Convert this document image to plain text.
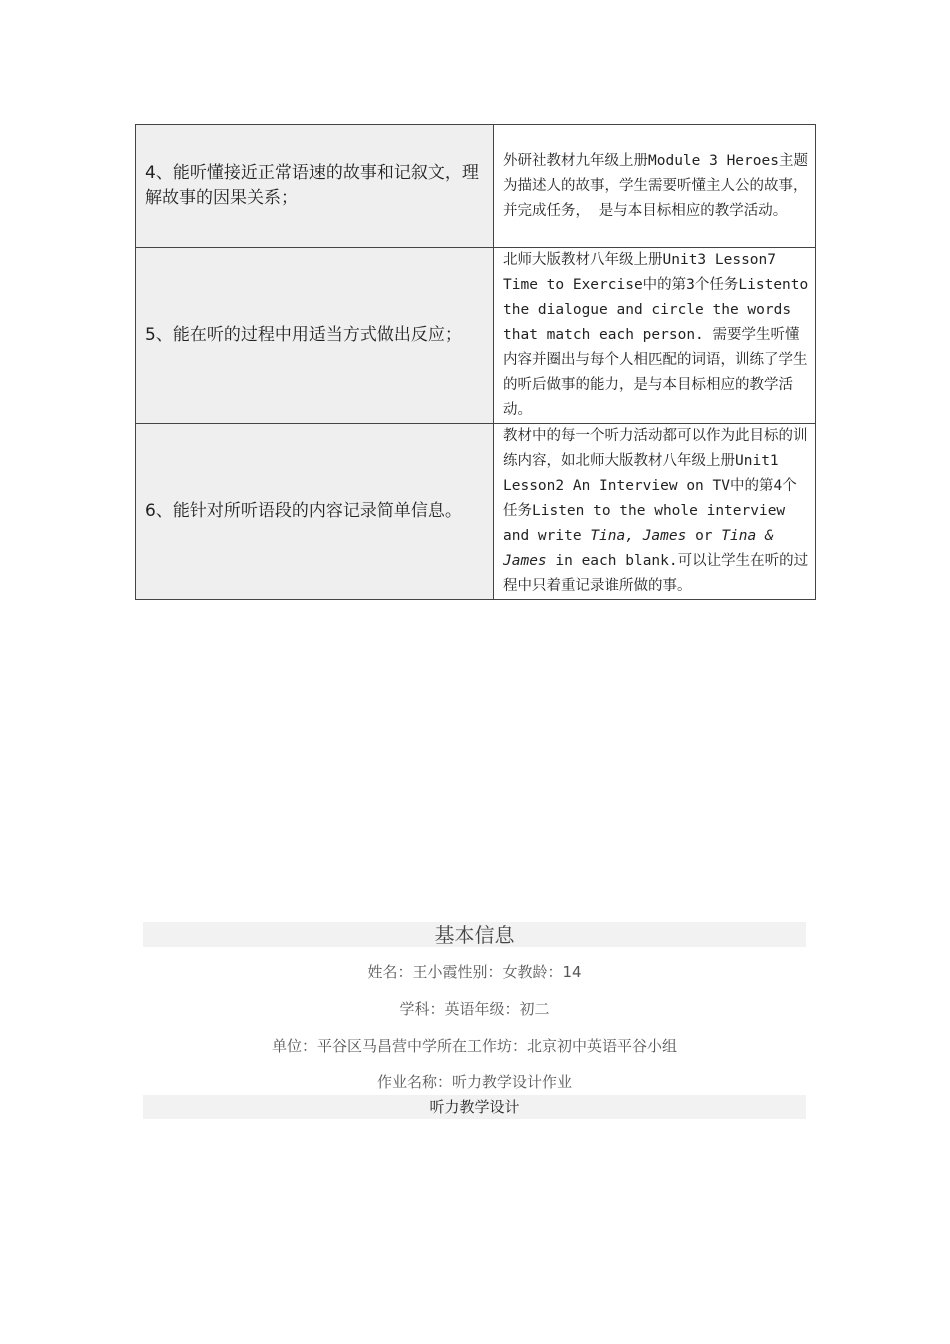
4、能听懂接近正常语速的故事和记叙文，理解故事的因果关系；	外研社教材九年级上册Module 3 Heroes主题为描述人的故事，学生需要听懂主人公的故事，并完成任务， 是与本目标相应的教学活动。
5、能在听的过程中用适当方式做出反应；	北师大版教材八年级上册Unit3 Lesson7 Time to Exercise中的第3个任务Listento the dialogue and circle the words that match each person. 需要学生听懂内容并圈出与每个人相匹配的词语，训练了学生的听后做事的能力，是与本目标相应的教学活动。
6、能针对所听语段的内容记录简单信息。	教材中的每一个听力活动都可以作为此目标的训练内容，如北师大版教材八年级上册Unit1 Lesson2 An Interview on TV中的第4个任务Listen to the whole interview and write Tina, James or Tina & James in each blank.可以让学生在听的过程中只着重记录谁所做的事。
基本信息
姓名：王小霞性别：女教龄：14
学科：英语年级：初二
单位：平谷区马昌营中学所在工作坊：北京初中英语平谷小组
作业名称：听力教学设计作业
听力教学设计
